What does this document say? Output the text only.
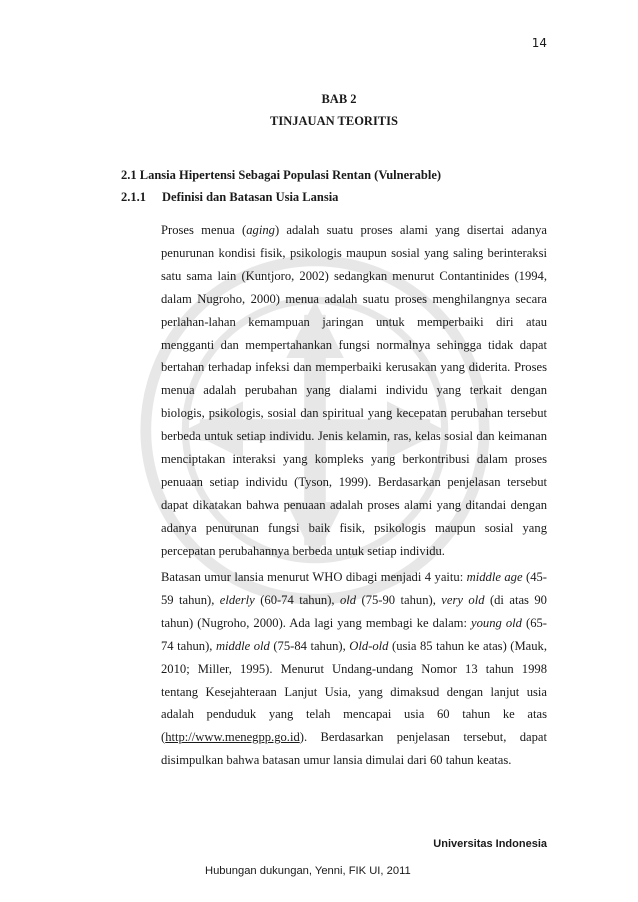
14
BAB 2
TINJAUAN TEORITIS
2.1 Lansia Hipertensi Sebagai Populasi Rentan (Vulnerable)
2.1.1 Definisi dan Batasan Usia Lansia
Proses menua (aging) adalah suatu proses alami yang disertai adanya penurunan kondisi fisik, psikologis maupun sosial yang saling berinteraksi satu sama lain (Kuntjoro, 2002) sedangkan menurut Contantinides (1994, dalam Nugroho, 2000) menua adalah suatu proses menghilangnya secara perlahan-lahan kemampuan jaringan untuk memperbaiki diri atau mengganti dan mempertahankan fungsi normalnya sehingga tidak dapat bertahan terhadap infeksi dan memperbaiki kerusakan yang diderita. Proses menua adalah perubahan yang dialami individu yang terkait dengan biologis, psikologis, sosial dan spiritual yang kecepatan perubahan tersebut berbeda untuk setiap individu. Jenis kelamin, ras, kelas sosial dan keimanan menciptakan interaksi yang kompleks yang berkontribusi dalam proses penuaan setiap individu (Tyson, 1999). Berdasarkan penjelasan tersebut dapat dikatakan bahwa penuaan adalah proses alami yang ditandai dengan adanya penurunan fungsi baik fisik, psikologis maupun sosial yang percepatan perubahannya berbeda untuk setiap individu.
Batasan umur lansia menurut WHO dibagi menjadi 4 yaitu: middle age (45-59 tahun), elderly (60-74 tahun), old (75-90 tahun), very old (di atas 90 tahun) (Nugroho, 2000). Ada lagi yang membagi ke dalam: young old (65-74 tahun), middle old (75-84 tahun), Old-old (usia 85 tahun ke atas) (Mauk, 2010; Miller, 1995). Menurut Undang-undang Nomor 13 tahun 1998 tentang Kesejahteraan Lanjut Usia, yang dimaksud dengan lanjut usia adalah penduduk yang telah mencapai usia 60 tahun ke atas (http://www.menegpp.go.id). Berdasarkan penjelasan tersebut, dapat disimpulkan bahwa batasan umur lansia dimulai dari 60 tahun keatas.
Universitas Indonesia
Hubungan dukungan, Yenni, FIK UI, 2011
